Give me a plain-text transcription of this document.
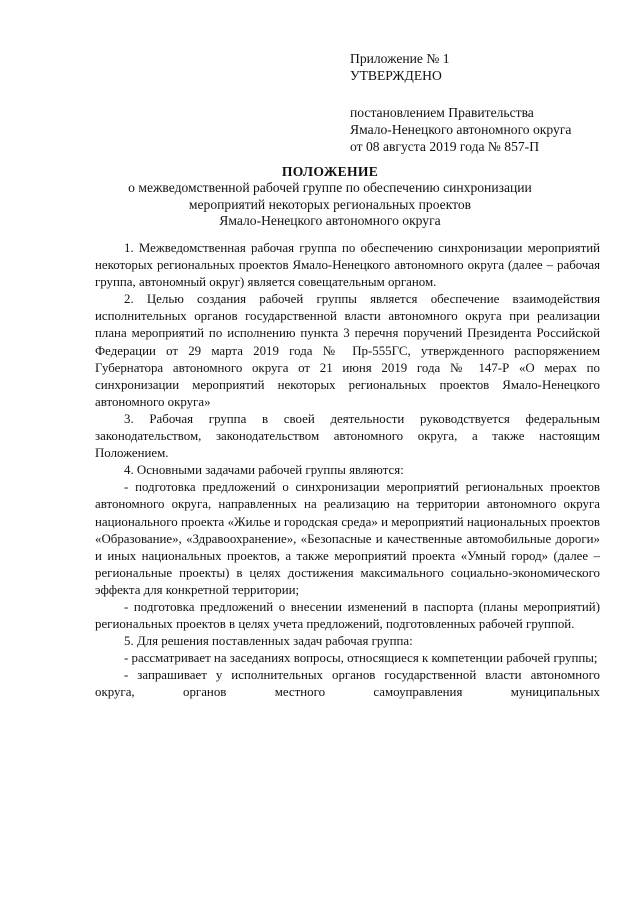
Приложение № 1
УТВЕРЖДЕНО
постановлением Правительства
Ямало-Ненецкого автономного округа
от 08 августа 2019 года № 857-П
ПОЛОЖЕНИЕ
о межведомственной рабочей группе по обеспечению синхронизации
мероприятий некоторых региональных проектов
Ямало-Ненецкого автономного округа

1. Межведомственная рабочая группа по обеспечению синхронизации мероприятий некоторых региональных проектов Ямало-Ненецкого автономного округа (далее – рабочая группа, автономный округ) является совещательным органом.

2. Целью создания рабочей группы является обеспечение взаимодействия исполнительных органов государственной власти автономного округа при реализации плана мероприятий по исполнению пункта 3 перечня поручений Президента Российской Федерации от 29 марта 2019 года № Пр-555ГС, утвержденного распоряжением Губернатора автономного округа от 21 июня 2019 года № 147-Р «О мерах по синхронизации мероприятий некоторых региональных проектов Ямало-Ненецкого автономного округа»

3. Рабочая группа в своей деятельности руководствуется федеральным законодательством, законодательством автономного округа, а также настоящим Положением.

4. Основными задачами рабочей группы являются:

- подготовка предложений о синхронизации мероприятий региональных проектов автономного округа, направленных на реализацию на территории автономного округа национального проекта «Жилье и городская среда» и мероприятий национальных проектов «Образование», «Здравоохранение», «Безопасные и качественные автомобильные дороги» и иных национальных проектов, а также мероприятий проекта «Умный город» (далее – региональные проекты) в целях достижения максимального социально-экономического эффекта для конкретной территории;

- подготовка предложений о внесении изменений в паспорта (планы мероприятий) региональных проектов в целях учета предложений, подготовленных рабочей группой.

5. Для решения поставленных задач рабочая группа:

- рассматривает на заседаниях вопросы, относящиеся к компетенции рабочей группы;

- запрашивает у исполнительных органов государственной власти автономного округа, органов местного самоуправления муниципальных
